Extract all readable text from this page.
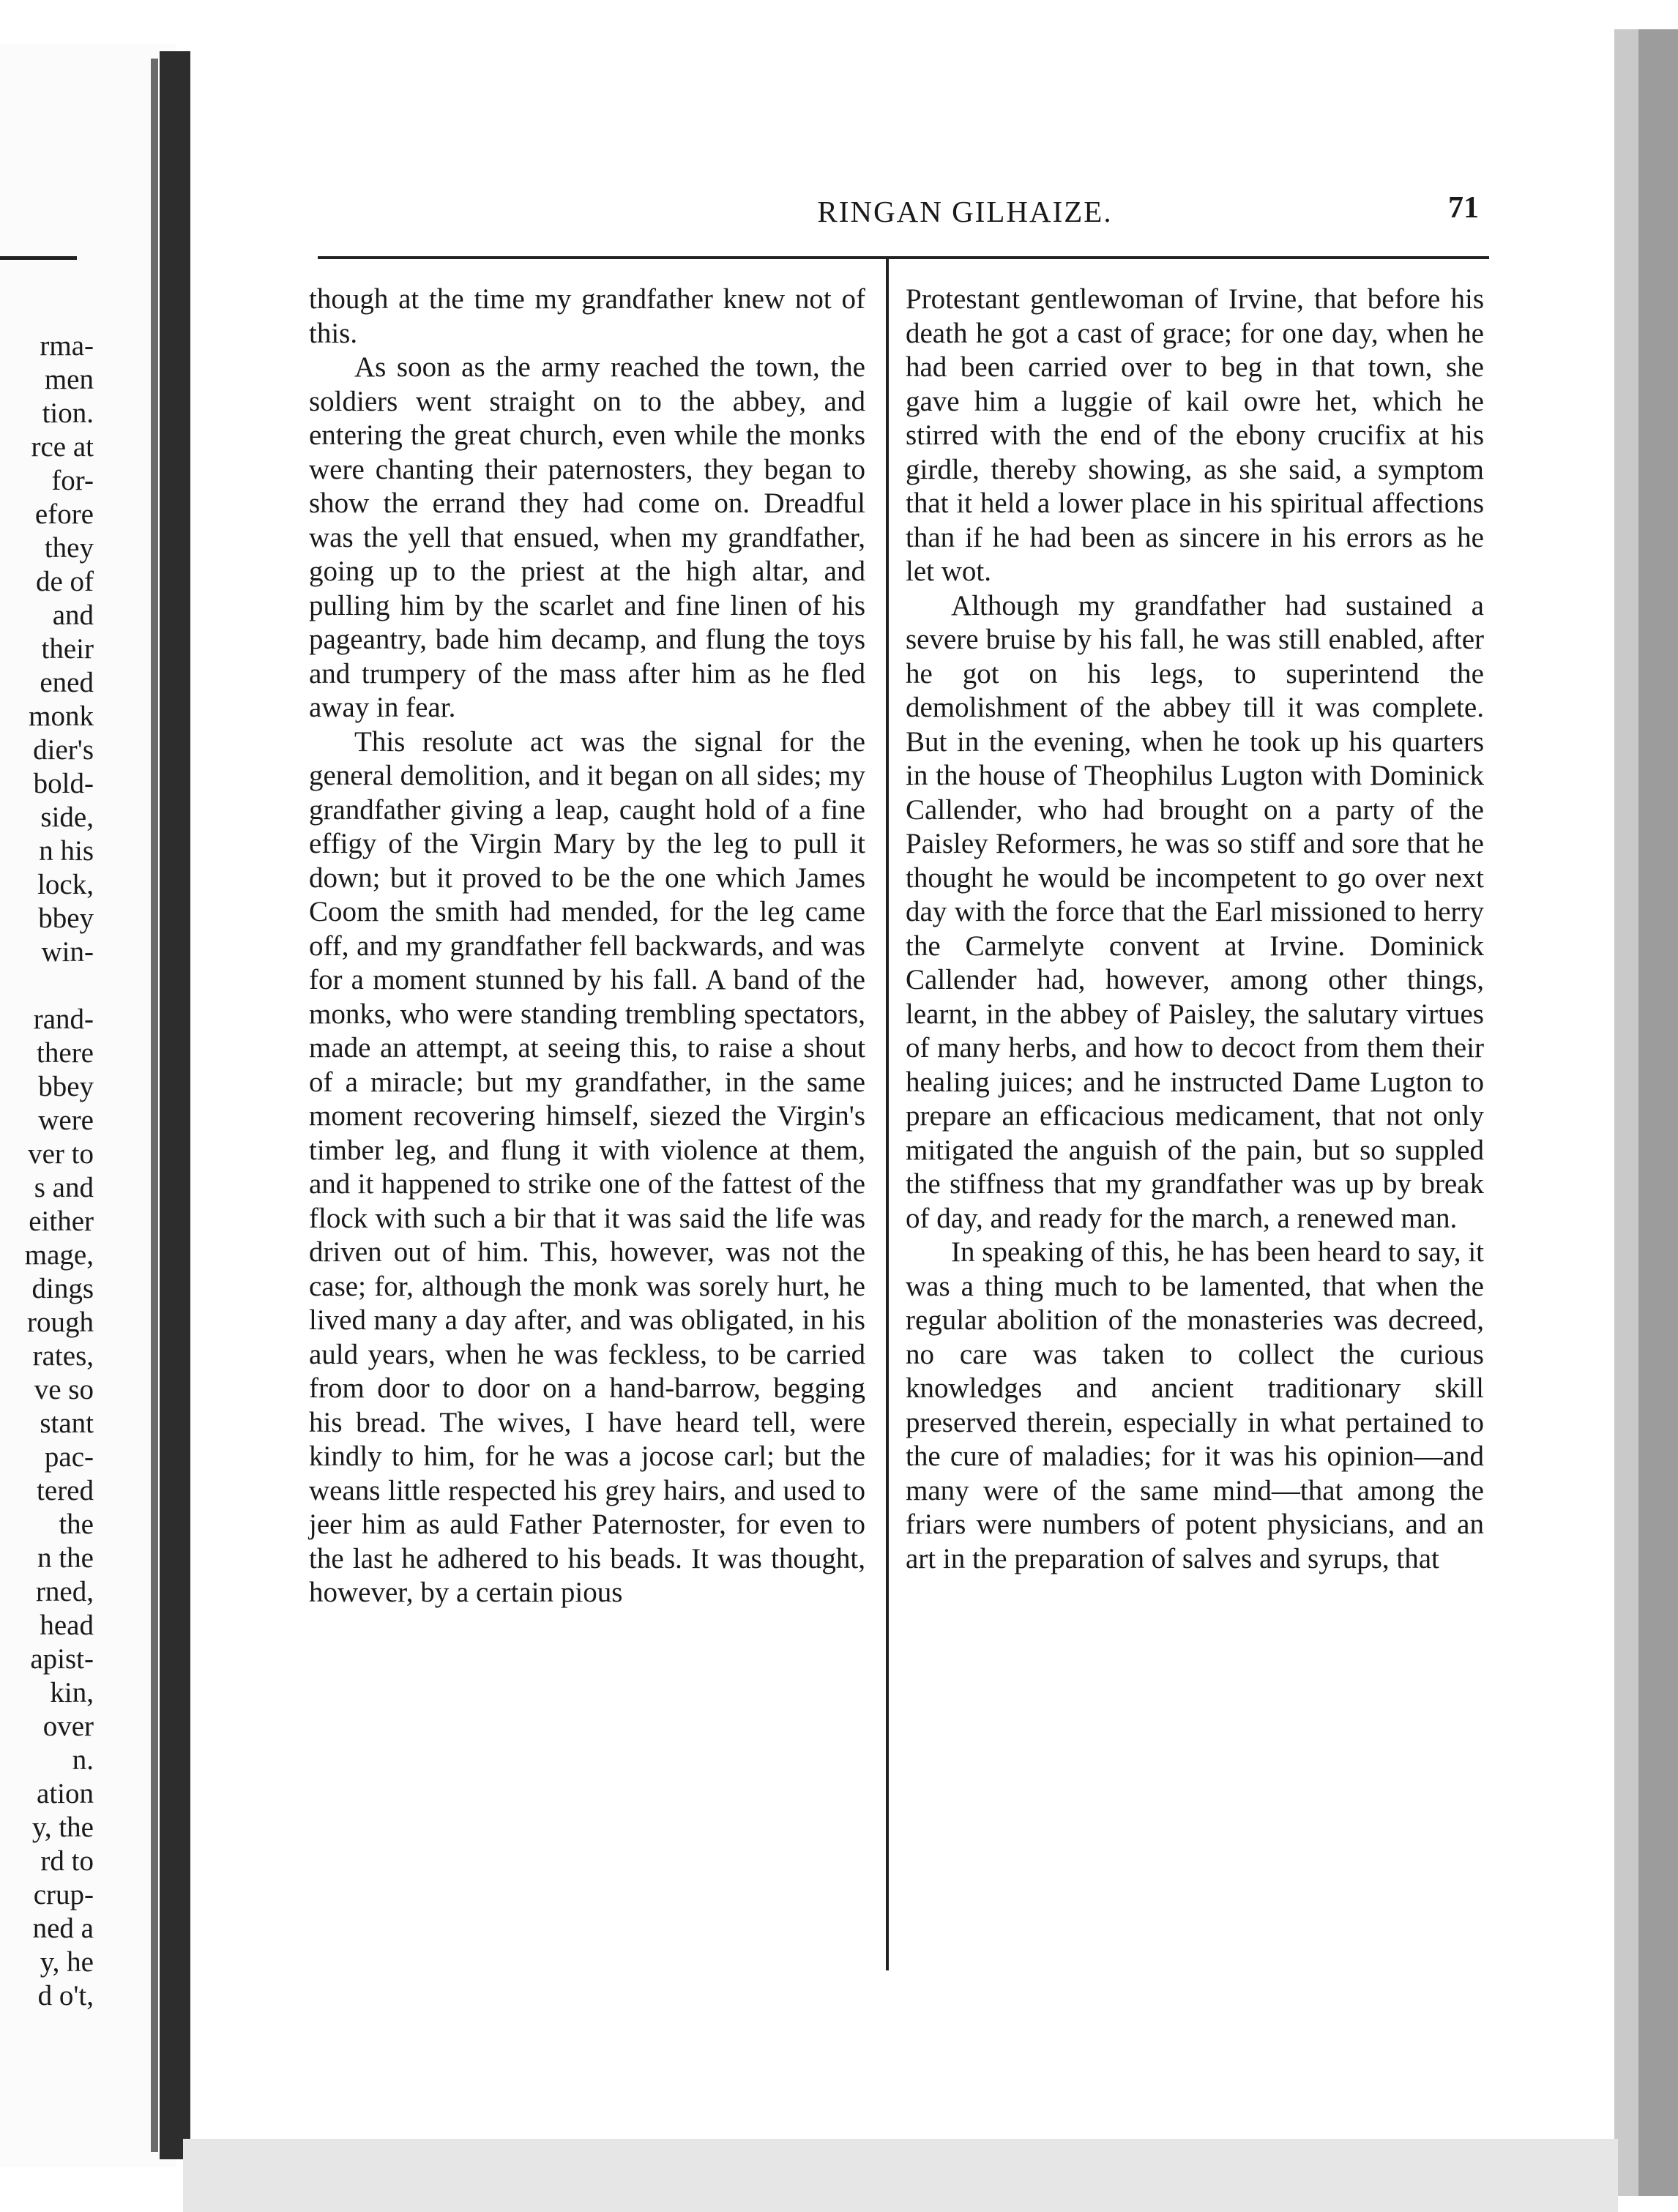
rma-
men
tion.
rce at
for-
efore
they
de of
and
their
ened
monk
dier's
bold-
side,
n his
lock,
bbey
win-

rand-
there
bbey
were
ver to
s and
either
mage,
dings
rough
rates,
ve so
stant
pac-
tered
the
n the
rned,
head
apist-
kin,
over
n.
ation
y, the
rd to
crup-
ned a
y, he
d o't,
RINGAN GILHAIZE.	71

though at the time my grandfather knew not of this.

As soon as the army reached the town, the soldiers went straight on to the abbey, and entering the great church, even while the monks were chanting their paternosters, they began to show the errand they had come on. Dreadful was the yell that ensued, when my grandfather, going up to the priest at the high altar, and pulling him by the scarlet and fine linen of his pageantry, bade him decamp, and flung the toys and trumpery of the mass after him as he fled away in fear.

This resolute act was the signal for the general demolition, and it began on all sides; my grandfather giving a leap, caught hold of a fine effigy of the Virgin Mary by the leg to pull it down; but it proved to be the one which James Coom the smith had mended, for the leg came off, and my grandfather fell backwards, and was for a moment stunned by his fall. A band of the monks, who were standing trembling spectators, made an attempt, at seeing this, to raise a shout of a miracle; but my grandfather, in the same moment recovering himself, siezed the Virgin's timber leg, and flung it with violence at them, and it happened to strike one of the fattest of the flock with such a bir that it was said the life was driven out of him. This, however, was not the case; for, although the monk was sorely hurt, he lived many a day after, and was obligated, in his auld years, when he was feckless, to be carried from door to door on a hand-barrow, begging his bread. The wives, I have heard tell, were kindly to him, for he was a jocose carl; but the weans little respected his grey hairs, and used to jeer him as auld Father Paternoster, for even to the last he adhered to his beads. It was thought, however, by a certain pious

Protestant gentlewoman of Irvine, that before his death he got a cast of grace; for one day, when he had been carried over to beg in that town, she gave him a luggie of kail owre het, which he stirred with the end of the ebony crucifix at his girdle, thereby showing, as she said, a symptom that it held a lower place in his spiritual affections than if he had been as sincere in his errors as he let wot.

Although my grandfather had sustained a severe bruise by his fall, he was still enabled, after he got on his legs, to superintend the demolishment of the abbey till it was complete. But in the evening, when he took up his quarters in the house of Theophilus Lugton with Dominick Callender, who had brought on a party of the Paisley Reformers, he was so stiff and sore that he thought he would be incompetent to go over next day with the force that the Earl missioned to herry the Carmelyte convent at Irvine. Dominick Callender had, however, among other things, learnt, in the abbey of Paisley, the salutary virtues of many herbs, and how to decoct from them their healing juices; and he instructed Dame Lugton to prepare an efficacious medicament, that not only mitigated the anguish of the pain, but so suppled the stiffness that my grandfather was up by break of day, and ready for the march, a renewed man.

In speaking of this, he has been heard to say, it was a thing much to be lamented, that when the regular abolition of the monasteries was decreed, no care was taken to collect the curious knowledges and ancient traditionary skill preserved therein, especially in what pertained to the cure of maladies; for it was his opinion—and many were of the same mind—that among the friars were numbers of potent physicians, and an art in the preparation of salves and syrups, that
